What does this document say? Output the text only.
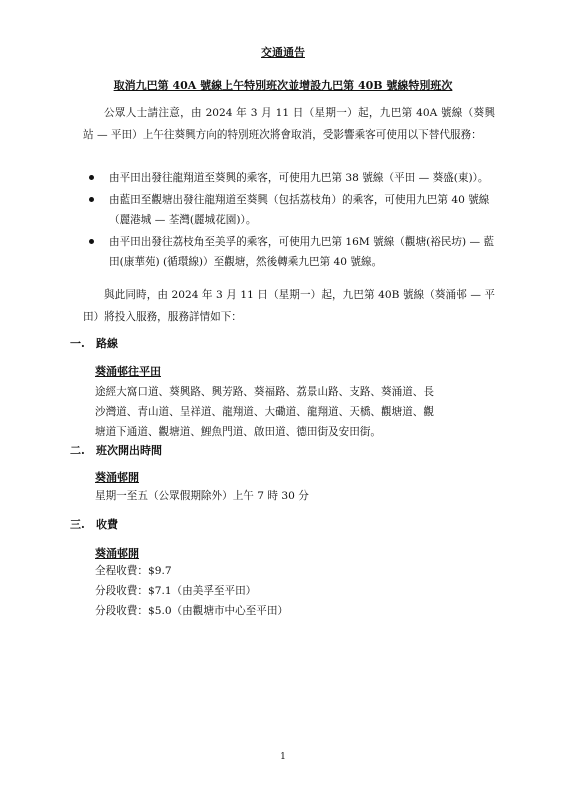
交通通告
取消九巴第 40A 號線上午特別班次並增設九巴第 40B 號線特別班次
公眾人士請注意，由 2024 年 3 月 11 日（星期一）起，九巴第 40A 號線（葵興站 — 平田）上午往葵興方向的特別班次將會取消，受影響乘客可使用以下替代服務：
由平田出發往龍翔道至葵興的乘客，可使用九巴第 38 號線（平田 — 葵盛(東)）。
由藍田至觀塘出發往龍翔道至葵興（包括荔枝角）的乘客，可使用九巴第 40 號線（麗港城 — 荃灣(麗城花園)）。
由平田出發往荔枝角至美孚的乘客，可使用九巴第 16M 號線（觀塘(裕民坊) — 藍田(康華苑) (循環線)）至觀塘，然後轉乘九巴第 40 號線。
與此同時，由 2024 年 3 月 11 日（星期一）起，九巴第 40B 號線（葵涌邨 — 平田）將投入服務，服務詳情如下：
一. 路線
葵涌邨往平田
途經大窩口道、葵興路、興芳路、葵福路、荔景山路、支路、葵涌道、長
沙灣道、青山道、呈祥道、龍翔道、大磡道、龍翔道、天橋、觀塘道、觀
塘道下通道、觀塘道、鯉魚門道、啟田道、德田街及安田街。
二. 班次開出時間
葵涌邨開
星期一至五（公眾假期除外）上午 7 時 30 分
三. 收費
葵涌邨開
全程收費：$9.7
分段收費：$7.1（由美孚至平田）
分段收費：$5.0（由觀塘市中心至平田）
1
